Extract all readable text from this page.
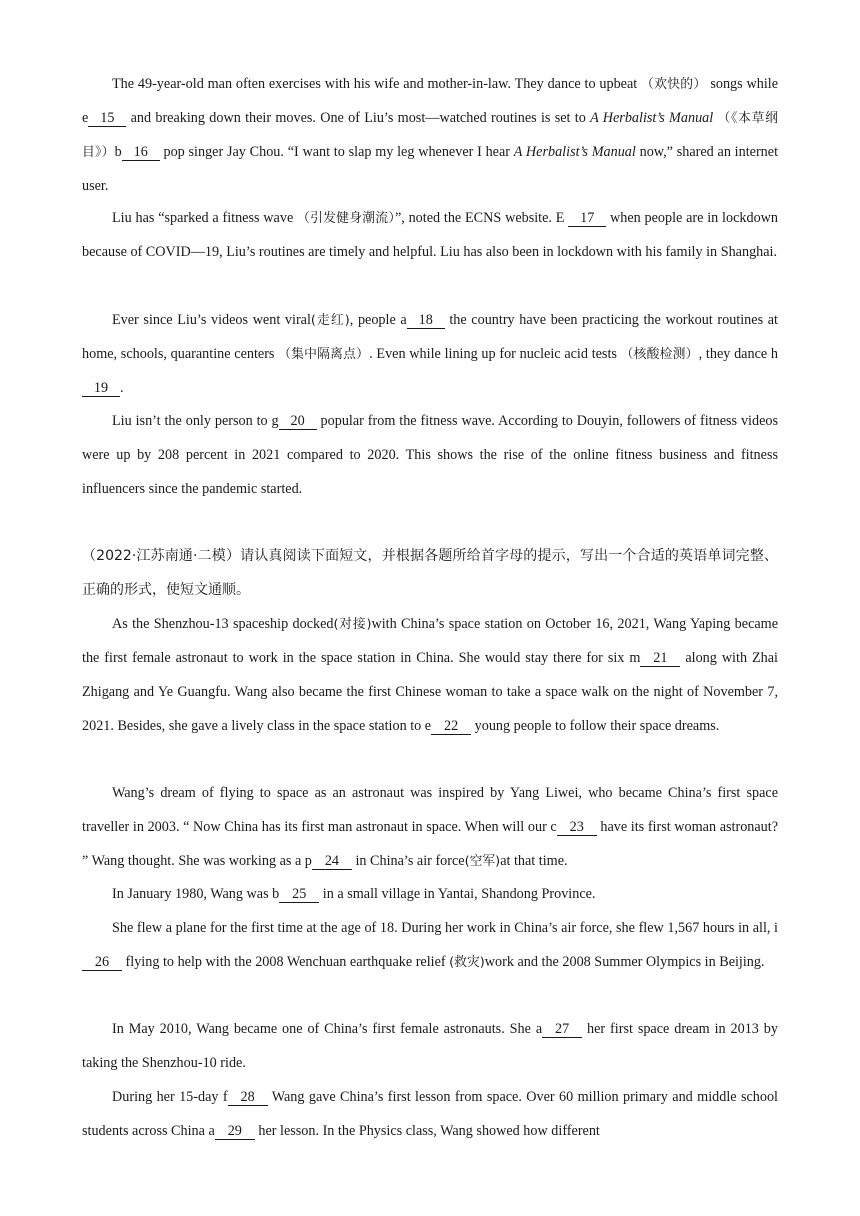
The 49-year-old man often exercises with his wife and mother-in-law. They dance to upbeat （欢快的） songs while e 15 and breaking down their moves. One of Liu’s most—watched routines is set to A Herbalist’s Manual （《本草纲目》）b 16 pop singer Jay Chou. “I want to slap my leg whenever I hear A Herbalist’s Manual now,” shared an internet user.

Liu has “sparked a fitness wave （引发健身潮流）”, noted the ECNS website. E 17 when people are in lockdown because of COVID—19, Liu’s routines are timely and helpful. Liu has also been in lockdown with his family in Shanghai.

Ever since Liu’s videos went viral(走红), people a 18 the country have been practicing the workout routines at home, schools, quarantine centers （集中隔离点）. Even while lining up for nucleic acid tests （核酸检测）, they dance h19 .

Liu isn’t the only person to g 20 popular from the fitness wave. According to Douyin, followers of fitness videos were up by 208 percent in 2021 compared to 2020. This shows the rise of the online fitness business and fitness influencers since the pandemic started.

（2022·江苏南通·二模）请认真阅读下面短文，并根据各题所给首字母的提示，写出一个合适的英语单词完整、正确的形式，使短文通顺。

As the Shenzhou-13 spaceship docked(对接)with China’s space station on October 16, 2021, Wang Yaping became the first female astronaut to work in the space station in China. She would stay there for six m 21 along with Zhai Zhigang and Ye Guangfu. Wang also became the first Chinese woman to take a space walk on the night of November 7, 2021. Besides, she gave a lively class in the space station to e 22 young people to follow their space dreams.

Wang’s dream of flying to space as an astronaut was inspired by Yang Liwei, who became China’s first space traveller in 2003. “ Now China has its first man astronaut in space. When will our c 23 have its first woman astronaut? ” Wang thought. She was working as a p 24 in China’s air force(空军)at that time.

In January 1980, Wang was b 25 in a small village in Yantai, Shandong Province.

She flew a plane for the first time at the age of 18. During her work in China’s air force, she flew 1,567 hours in all, i26 flying to help with the 2008 Wenchuan earthquake relief (救灾)work and the 2008 Summer Olympics in Beijing.

In May 2010, Wang became one of China’s first female astronauts. She a 27 her first space dream in 2013 by taking the Shenzhou-10 ride.

During her 15-day f 28 Wang gave China’s first lesson from space. Over 60 million primary and middle school students across China a 29 her lesson. In the Physics class, Wang showed how different
